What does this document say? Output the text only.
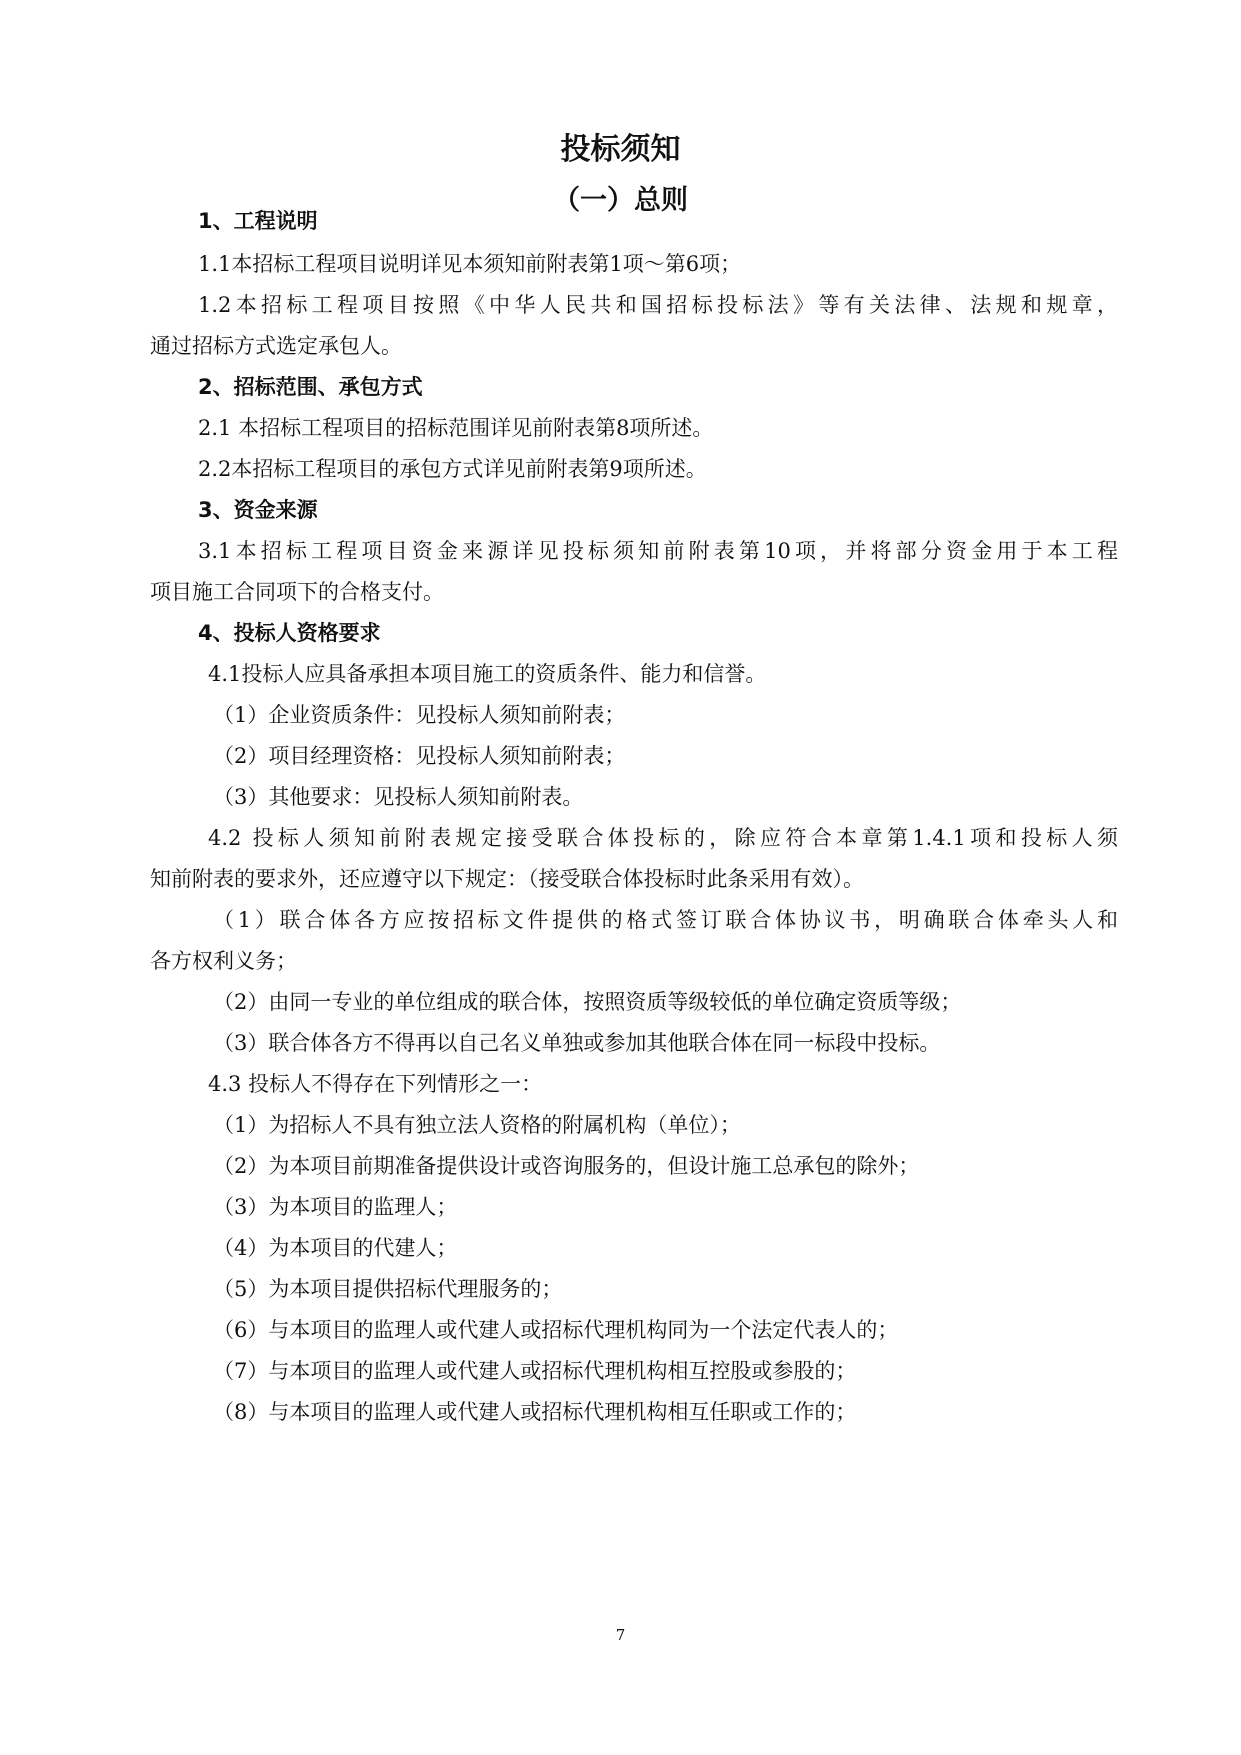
投标须知
（一）总则
1、工程说明
1.1本招标工程项目说明详见本须知前附表第1项～第6项；
1.2本招标工程项目按照《中华人民共和国招标投标法》等有关法律、法规和规章，
通过招标方式选定承包人。
2、招标范围、承包方式
2.1 本招标工程项目的招标范围详见前附表第8项所述。
2.2本招标工程项目的承包方式详见前附表第9项所述。
3、资金来源
3.1本招标工程项目资金来源详见投标须知前附表第10项，并将部分资金用于本工程
项目施工合同项下的合格支付。
4、投标人资格要求
4.1投标人应具备承担本项目施工的资质条件、能力和信誉。
（1）企业资质条件：见投标人须知前附表；
（2）项目经理资格：见投标人须知前附表；
（3）其他要求：见投标人须知前附表。
4.2 投标人须知前附表规定接受联合体投标的，除应符合本章第1.4.1项和投标人须
知前附表的要求外，还应遵守以下规定：（接受联合体投标时此条采用有效）。
（1）联合体各方应按招标文件提供的格式签订联合体协议书，明确联合体牵头人和
各方权利义务；
（2）由同一专业的单位组成的联合体，按照资质等级较低的单位确定资质等级；
（3）联合体各方不得再以自己名义单独或参加其他联合体在同一标段中投标。
4.3 投标人不得存在下列情形之一：
（1）为招标人不具有独立法人资格的附属机构（单位）；
（2）为本项目前期准备提供设计或咨询服务的，但设计施工总承包的除外；
（3）为本项目的监理人；
（4）为本项目的代建人；
（5）为本项目提供招标代理服务的；
（6）与本项目的监理人或代建人或招标代理机构同为一个法定代表人的；
（7）与本项目的监理人或代建人或招标代理机构相互控股或参股的；
（8）与本项目的监理人或代建人或招标代理机构相互任职或工作的；
7
